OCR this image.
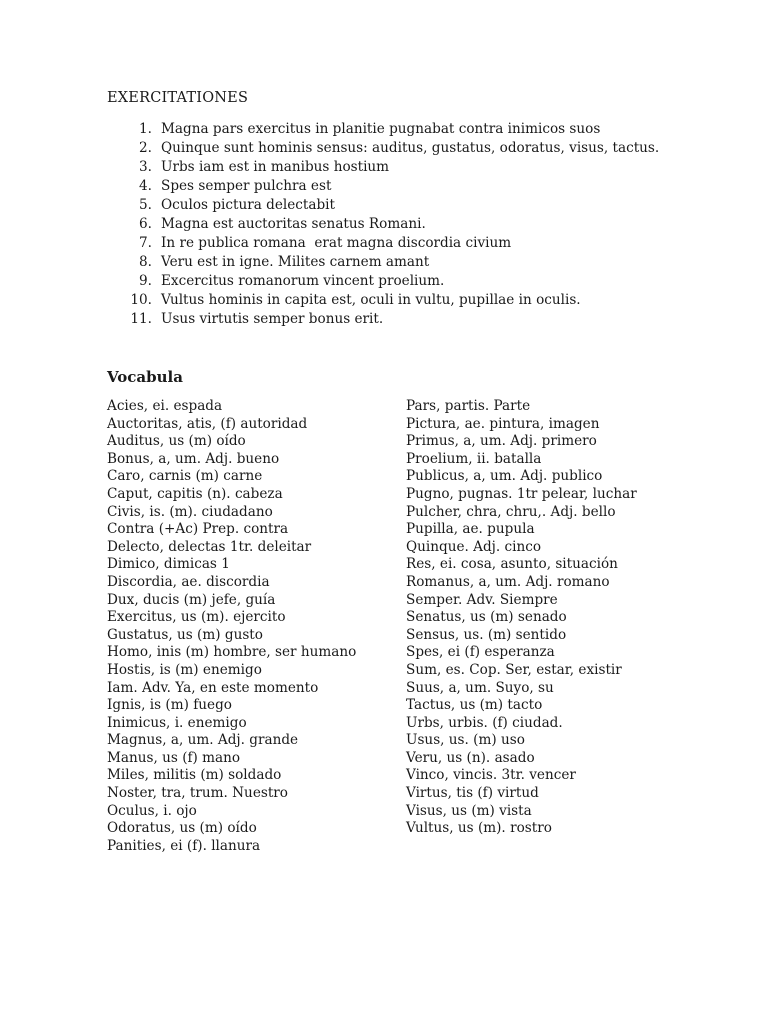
EXERCITATIONES
1. Magna pars exercitus in planitie pugnabat contra inimicos suos
2. Quinque sunt hominis sensus: auditus, gustatus, odoratus, visus, tactus.
3. Urbs iam est in manibus hostium
4. Spes semper pulchra est
5. Oculos pictura delectabit
6. Magna est auctoritas senatus Romani.
7. In re publica romana  erat magna discordia civium
8. Veru est in igne. Milites carnem amant
9. Excercitus romanorum vincent proelium.
10. Vultus hominis in capita est, oculi in vultu, pupillae in oculis.
11. Usus virtutis semper bonus erit.
Vocabula
Acies, ei. espada
Auctoritas, atis, (f) autoridad
Auditus, us (m) oído
Bonus, a, um. Adj. bueno
Caro, carnis (m) carne
Caput, capitis (n). cabeza
Civis, is. (m). ciudadano
Contra (+Ac) Prep. contra
Delecto, delectas 1tr. deleitar
Dimico, dimicas 1
Discordia, ae. discordia
Dux, ducis (m) jefe, guía
Exercitus, us (m). ejercito
Gustatus, us (m) gusto
Homo, inis (m) hombre, ser humano
Hostis, is (m) enemigo
Iam. Adv. Ya, en este momento
Ignis, is (m) fuego
Inimicus, i. enemigo
Magnus, a, um. Adj. grande
Manus, us (f) mano
Miles, militis (m) soldado
Noster, tra, trum. Nuestro
Oculus, i. ojo
Odoratus, us (m) oído
Panities, ei (f). llanura
Pars, partis. Parte
Pictura, ae. pintura, imagen
Primus, a, um. Adj. primero
Proelium, ii. batalla
Publicus, a, um. Adj. publico
Pugno, pugnas. 1tr pelear, luchar
Pulcher, chra, chru,. Adj. bello
Pupilla, ae. pupula
Quinque. Adj. cinco
Res, ei. cosa, asunto, situación
Romanus, a, um. Adj. romano
Semper. Adv. Siempre
Senatus, us (m) senado
Sensus, us. (m) sentido
Spes, ei (f) esperanza
Sum, es. Cop. Ser, estar, existir
Suus, a, um. Suyo, su
Tactus, us (m) tacto
Urbs, urbis. (f) ciudad.
Usus, us. (m) uso
Veru, us (n). asado
Vinco, vincis. 3tr. vencer
Virtus, tis (f) virtud
Visus, us (m) vista
Vultus, us (m). rostro
